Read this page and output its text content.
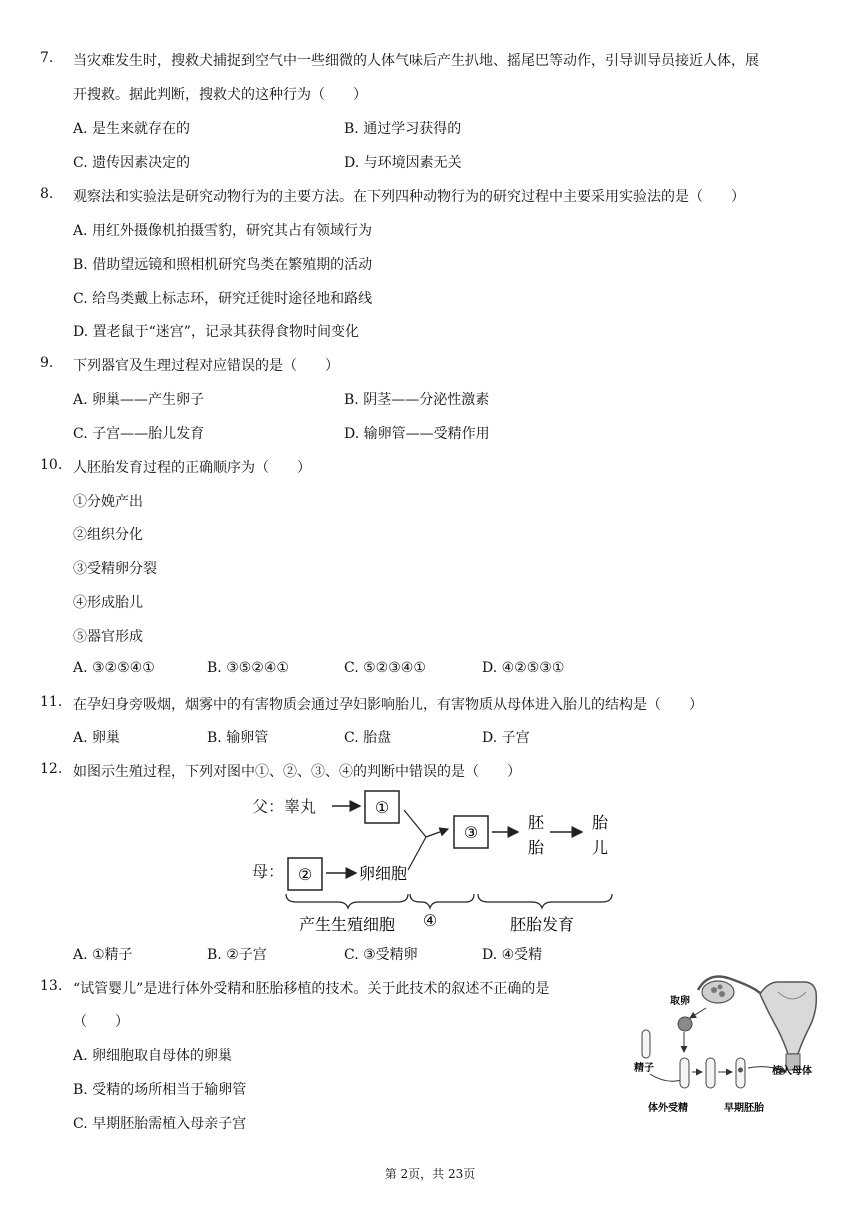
7. 当灾难发生时，搜救犬捕捉到空气中一些细微的人体气味后产生扒地、摇尾巴等动作，引导训导员接近人体，展
开搜救。据此判断，搜救犬的这种行为（　　）
A. 是生来就存在的	B. 通过学习获得的
C. 遗传因素决定的	D. 与环境因素无关
8. 观察法和实验法是研究动物行为的主要方法。在下列四种动物行为的研究过程中主要采用实验法的是（　　）
A. 用红外摄像机拍摄雪豹，研究其占有领域行为
B. 借助望远镜和照相机研究鸟类在繁殖期的活动
C. 给鸟类戴上标志环，研究迁徙时途径地和路线
D. 置老鼠于“迷宫”，记录其获得食物时间变化
9. 下列器官及生理过程对应错误的是（　　）
A. 卵巢——产生卵子	B. 阴茎——分泌性激素
C. 子宫——胎儿发育	D. 输卵管——受精作用
10. 人胚胎发育过程的正确顺序为（　　）
①分娩产出
②组织分化
③受精卵分裂
④形成胎儿
⑤器官形成
A. ③②⑤④①	B. ③⑤②④①	C. ⑤②③④①	D. ④②⑤③①
11. 在孕妇身旁吸烟，烟雾中的有害物质会通过孕妇影响胎儿，有害物质从母体进入胎儿的结构是（　　）
A. 卵巢	B. 输卵管	C. 胎盘	D. 子宫
12. 如图示生殖过程，下列对图中①、②、③、④的判断中错误的是（　　）
父：睾丸	①
母： ②	卵细胞
③
胚
胎
胎
儿
产生生殖细胞 ④	胚胎发育
A. ①精子	B. ②子宫	C. ③受精卵	D. ④受精
13. “试管婴儿”是进行体外受精和胚胎移植的技术。关于此技术的叙述不正确的是
（　　）
A. 卵细胞取自母体的卵巢
B. 受精的场所相当于输卵管
C. 早期胚胎需植入母亲子宫
取卵
精子
体外受精	早期胚胎
植入母体
第 2页，共 23页
